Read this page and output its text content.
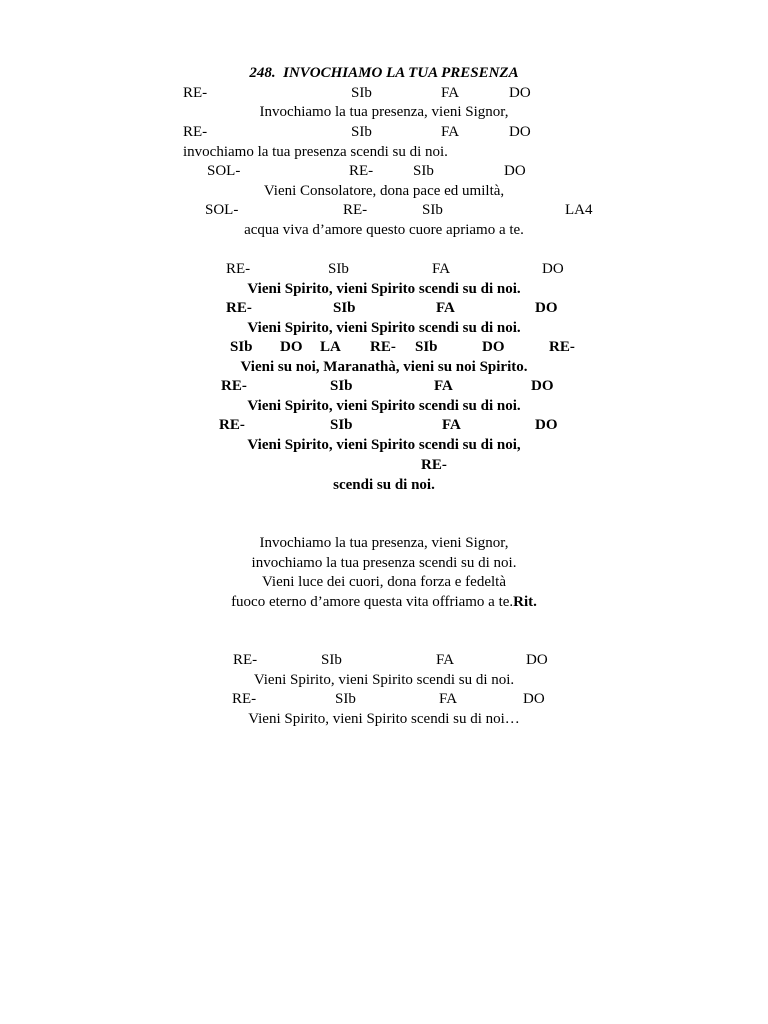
248.  INVOCHIAMO LA TUA PRESENZA
RE-	SIb	FA	DO
Invochiamo la tua presenza, vieni Signor,
RE-	SIb	FA	DO
invochiamo la tua presenza scendi su di noi.
SOL-	RE-	SIb	DO
Vieni Consolatore, dona pace ed umiltà,
SOL-	RE-	SIb	LA4
acqua viva d’amore questo cuore apriamo a te.
RE-	SIb	FA	DO
Vieni Spirito, vieni Spirito scendi su di noi.
RE-	SIb	FA	DO
Vieni Spirito, vieni Spirito scendi su di noi.
SIb DO LA RE- SIb	DO	RE-
Vieni su noi, Maranathà, vieni su noi Spirito.
RE-	SIb	FA	DO
Vieni Spirito, vieni Spirito scendi su di noi.
RE-	SIb	FA	DO
Vieni Spirito, vieni Spirito scendi su di noi,
RE-
scendi su di noi.
Invochiamo la tua presenza, vieni Signor,
invochiamo la tua presenza scendi su di noi.
Vieni luce dei cuori, dona forza e fedeltà
fuoco eterno d’amore questa vita offriamo a te.Rit.
RE-	SIb	FA	DO
Vieni Spirito, vieni Spirito scendi su di noi.
RE-	SIb	FA	DO
Vieni Spirito, vieni Spirito scendi su di noi…
